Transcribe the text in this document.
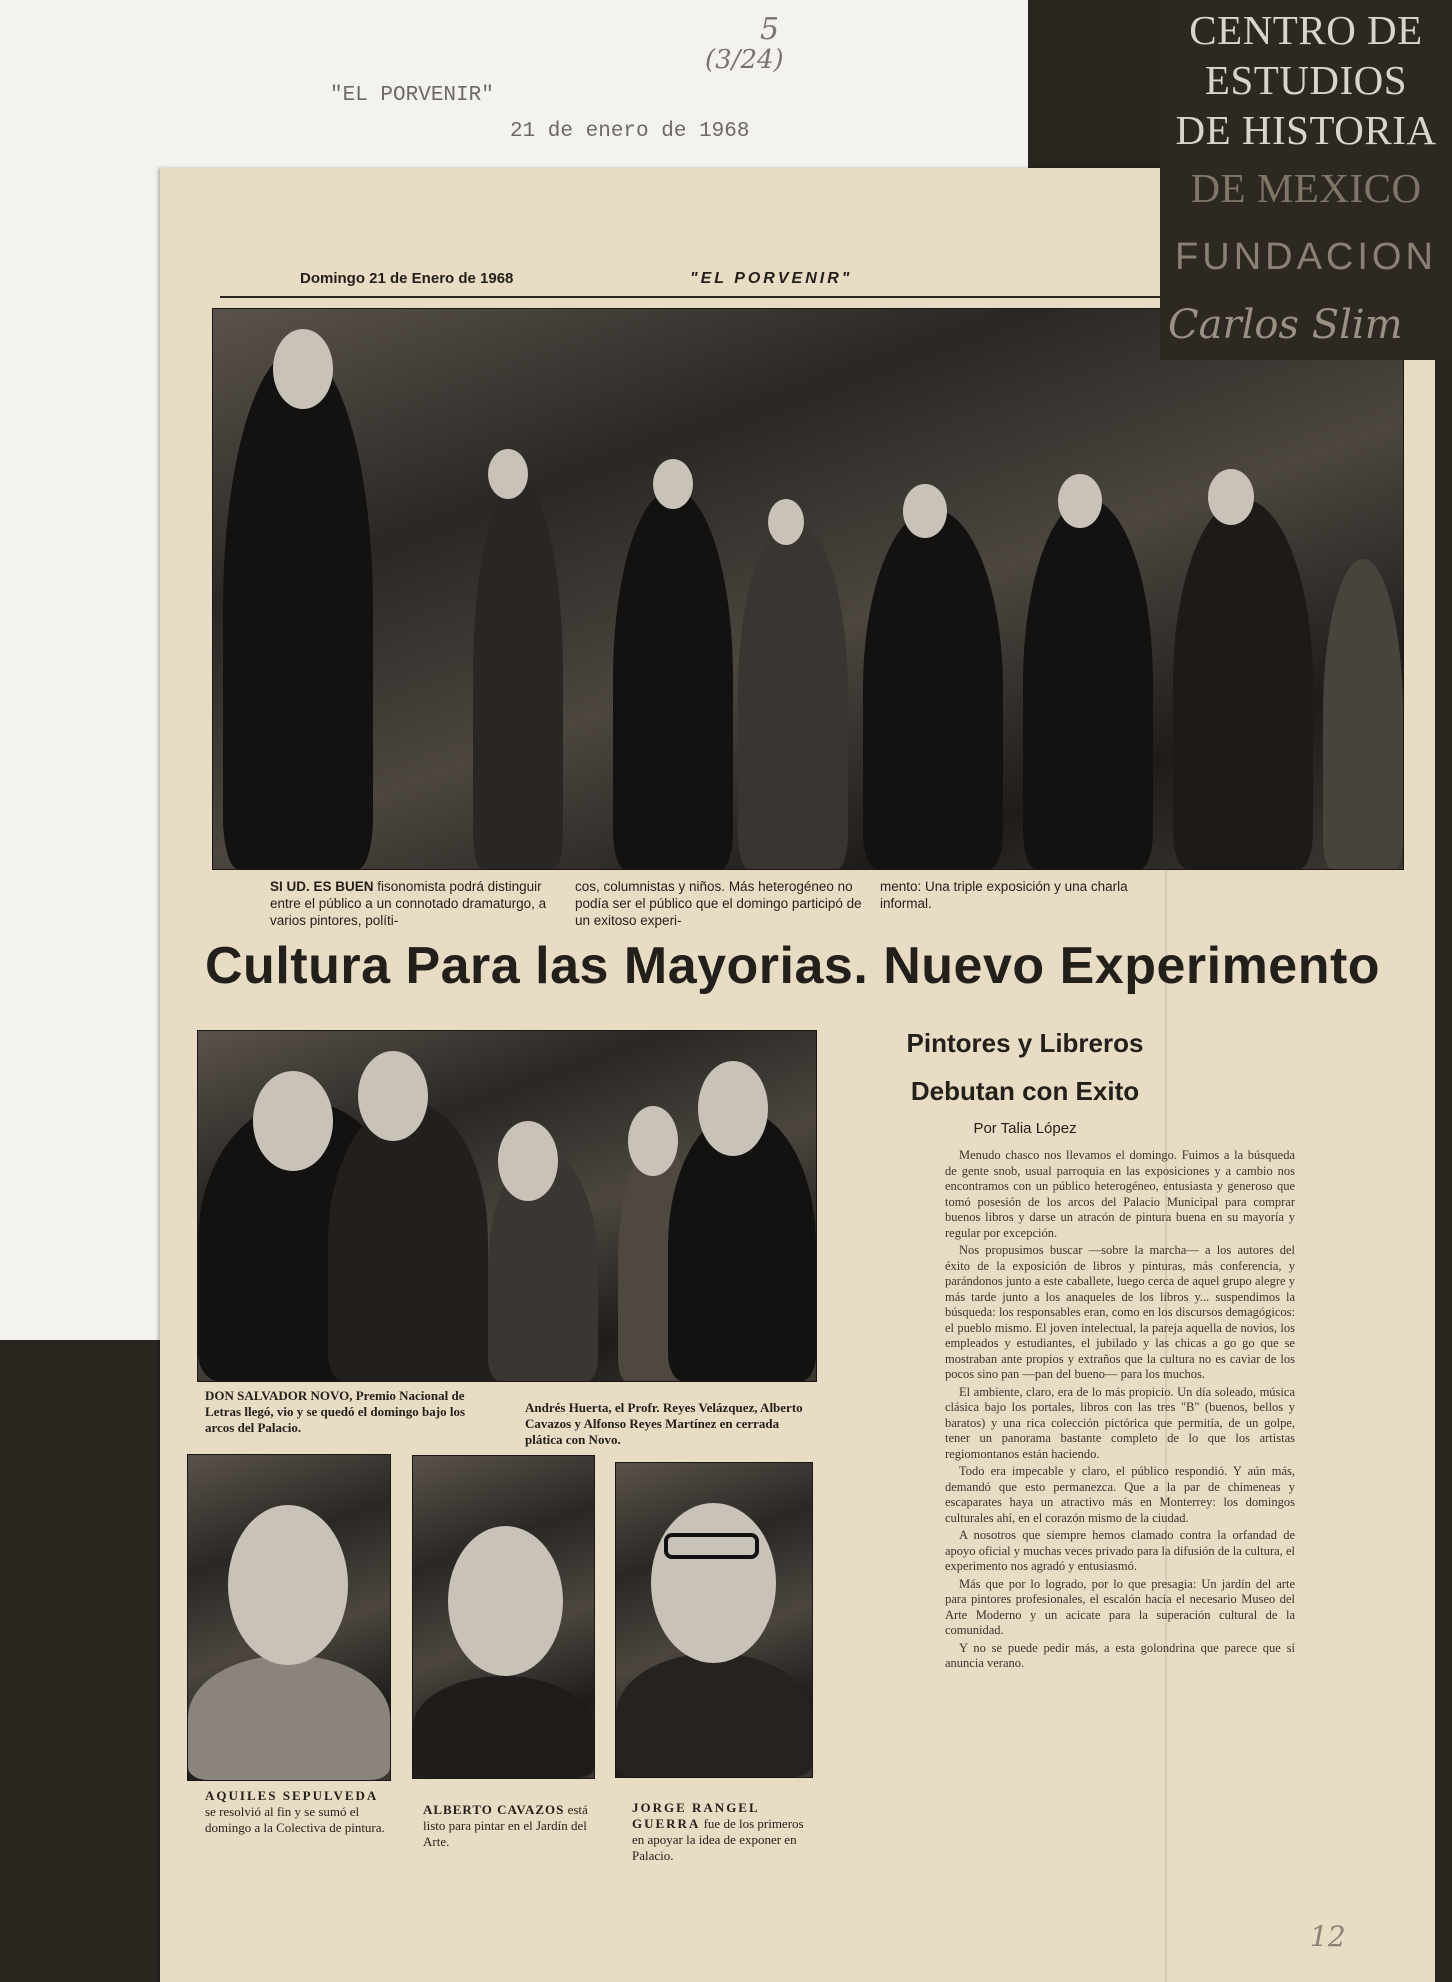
"EL PORVENIR"
21 de enero de 1968
5
(3/24)
Domingo 21 de Enero de 1968	"EL PORVENIR"
SI UD. ES BUEN fisonomista podrá distinguir entre el público a un connotado dramaturgo, a varios pintores, políti-
cos, columnistas y niños. Más heterogéneo no podía ser el público que el domingo participó de un exitoso experi-
mento: Una triple exposición y una charla informal.
Cultura Para las Mayorias. Nuevo Experimento
DON SALVADOR NOVO, Premio Nacional de Letras llegó, vio y se quedó el domingo bajo los arcos del Palacio.
Andrés Huerta, el Profr. Reyes Velázquez, Alberto Cavazos y Alfonso Reyes Martínez en cerrada plática con Novo.
AQUILES SEPULVEDA se resolvió al fin y se sumó el domingo a la Colectiva de pintura.
ALBERTO CAVAZOS está listo para pintar en el Jardín del Arte.
JORGE RANGEL GUERRA fue de los primeros en apoyar la idea de exponer en Palacio.
Pintores y Libreros
Debutan con Exito
Por Talia López

Menudo chasco nos llevamos el domingo. Fuimos a la búsqueda de gente snob, usual parroquia en las exposiciones y a cambio nos encontramos con un público heterogéneo, entusiasta y generoso que tomó posesión de los arcos del Palacio Municipal para comprar buenos libros y darse un atracón de pintura buena en su mayoría y regular por excepción.

Nos propusimos buscar —sobre la marcha— a los autores del éxito de la exposición de libros y pinturas, más conferencia, y parándonos junto a este caballete, luego cerca de aquel grupo alegre y más tarde junto a los anaqueles de los libros y... suspendimos la búsqueda: los responsables eran, como en los discursos demagógicos: el pueblo mismo. El joven intelectual, la pareja aquella de novios, los empleados y estudiantes, el jubilado y las chicas a go go que se mostraban ante propios y extraños que la cultura no es caviar de los pocos sino pan —pan del bueno— para los muchos.

El ambiente, claro, era de lo más propicio. Un día soleado, música clásica bajo los portales, libros con las tres "B" (buenos, bellos y baratos) y una rica colección pictórica que permitía, de un golpe, tener un panorama bastante completo de lo que los artistas regiomontanos están haciendo.

Todo era impecable y claro, el público respondió. Y aún más, demandó que esto permanezca. Que a la par de chimeneas y escaparates haya un atractivo más en Monterrey: los domingos culturales ahí, en el corazón mismo de la ciudad.

A nosotros que siempre hemos clamado contra la orfandad de apoyo oficial y muchas veces privado para la difusión de la cultura, el experimento nos agradó y entusiasmó.

Más que por lo logrado, por lo que presagia: Un jardín del arte para pintores profesionales, el escalón hacia el necesario Museo del Arte Moderno y un acicate para la superación cultural de la comunidad.

Y no se puede pedir más, a esta golondrina que parece que sí anuncia verano.

12
CENTRO DE
ESTUDIOS
DE HISTORIA
DE MEXICO
FUNDACION
Carlos Slim
